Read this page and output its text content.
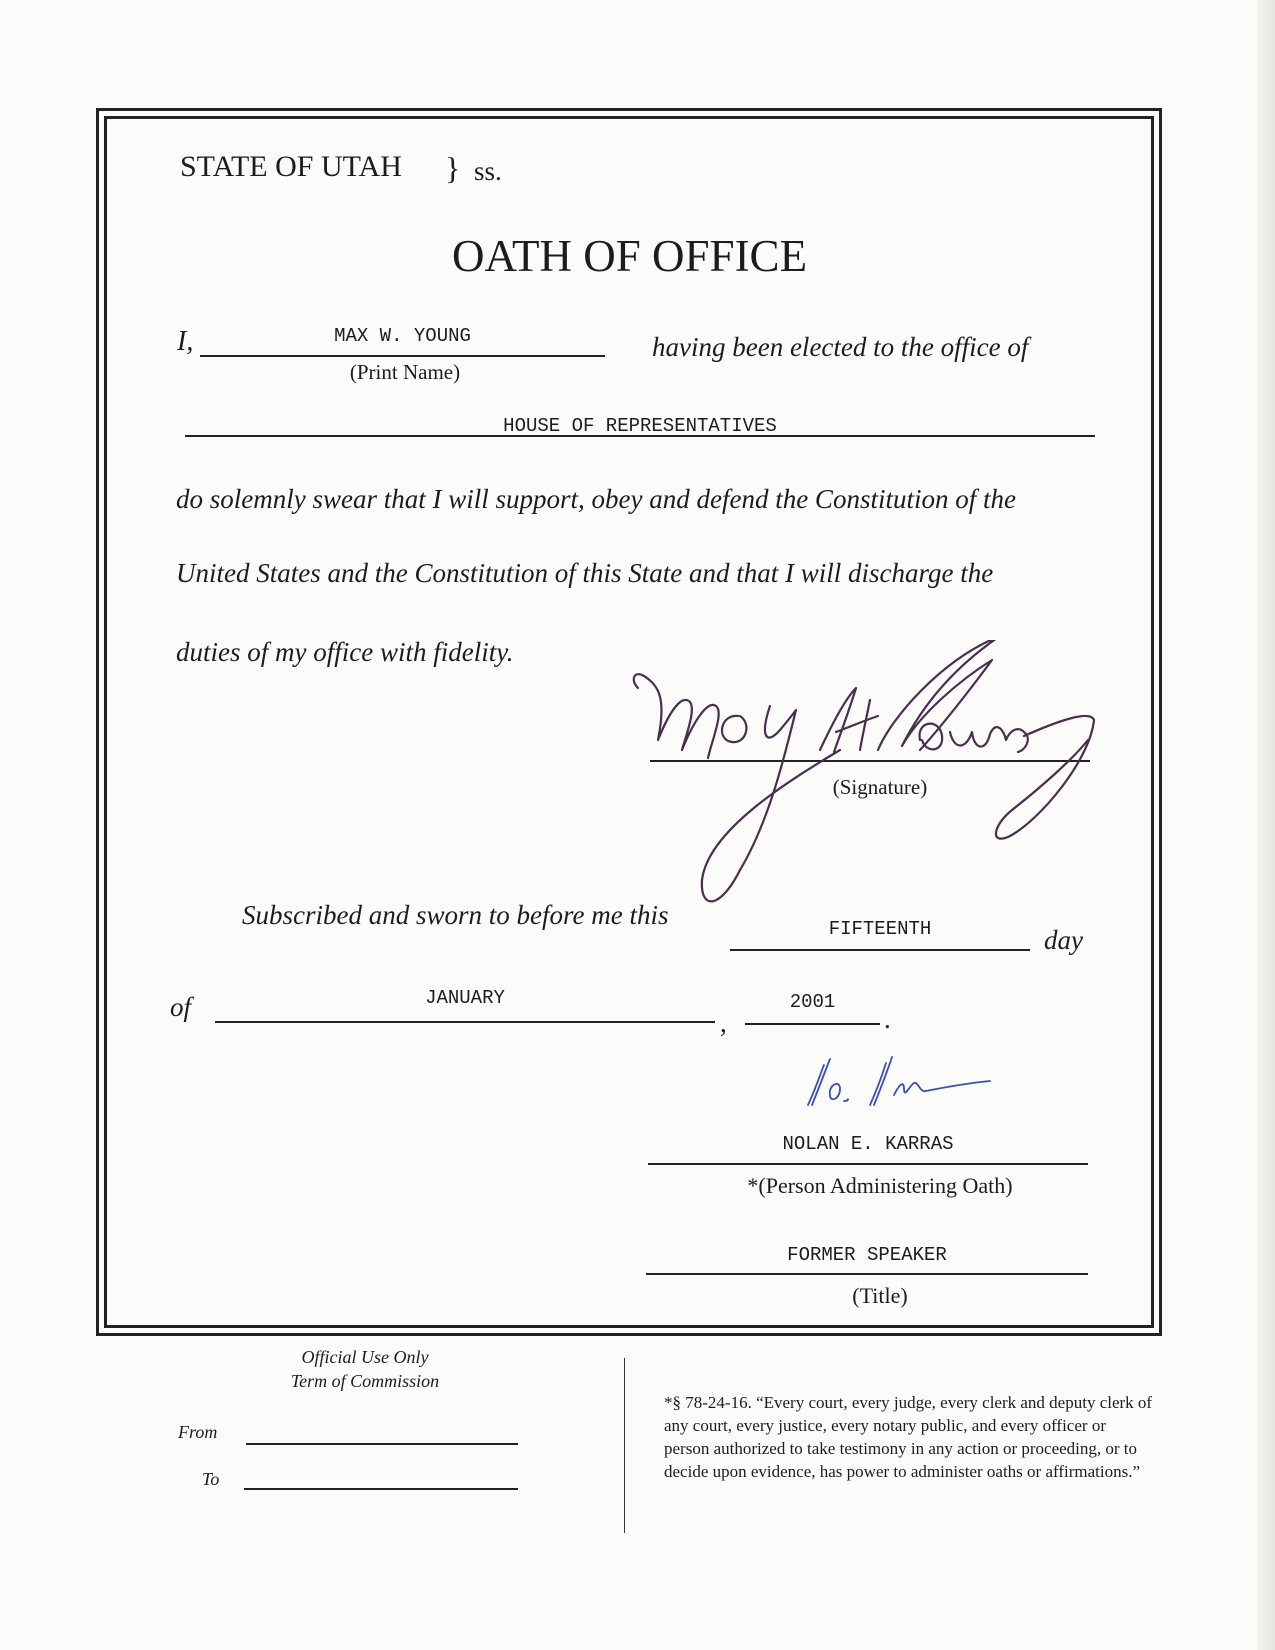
STATE OF UTAH } ss.
OATH OF OFFICE
I,	MAX W. YOUNG
(Print Name)
having been elected to the office of
HOUSE OF REPRESENTATIVES
do solemnly swear that I will support, obey and defend the Constitution of the
United States and the Constitution of this State and that I will discharge the
duties of my office with fidelity.
(Signature)
Subscribed and sworn to before me this	FIFTEENTH	day
of	JANUARY
,
2001
.
NOLAN E. KARRAS
*(Person Administering Oath)
FORMER SPEAKER
(Title)
Official Use Only
Term of Commission
From
To
*§ 78-24-16. “Every court, every judge, every clerk and deputy clerk of any court, every justice, every notary public, and every officer or person authorized to take testimony in any action or proceeding, or to decide upon evidence, has power to administer oaths or affirmations.”
